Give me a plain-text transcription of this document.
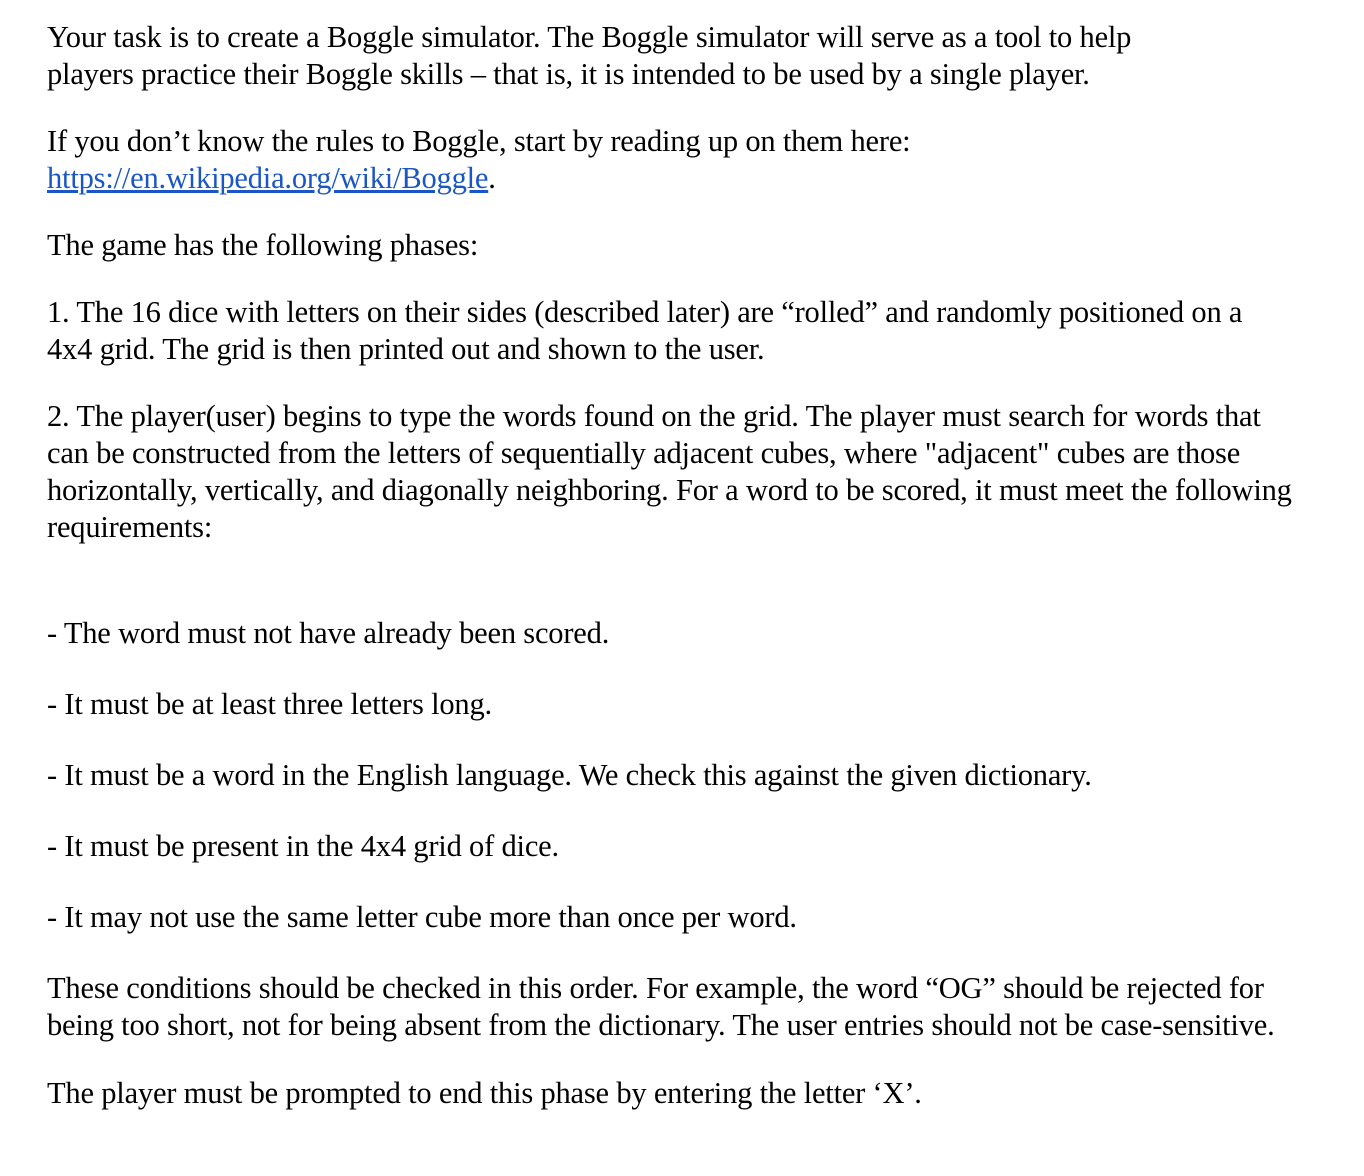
Your task is to create a Boggle simulator. The Boggle simulator will serve as a tool to help players practice their Boggle skills – that is, it is intended to be used by a single player.

If you don’t know the rules to Boggle, start by reading up on them here:
https://en.wikipedia.org/wiki/Boggle.

The game has the following phases:

1. The 16 dice with letters on their sides (described later) are “rolled” and randomly positioned on a 4x4 grid. The grid is then printed out and shown to the user.

2. The player(user) begins to type the words found on the grid. The player must search for words that can be constructed from the letters of sequentially adjacent cubes, where "adjacent" cubes are those horizontally, vertically, and diagonally neighboring. For a word to be scored, it must meet the following requirements:

- The word must not have already been scored.

- It must be at least three letters long.

- It must be a word in the English language. We check this against the given dictionary.

- It must be present in the 4x4 grid of dice.

- It may not use the same letter cube more than once per word.

These conditions should be checked in this order. For example, the word “OG” should be rejected for being too short, not for being absent from the dictionary. The user entries should not be case-sensitive.

The player must be prompted to end this phase by entering the letter ‘X’.
